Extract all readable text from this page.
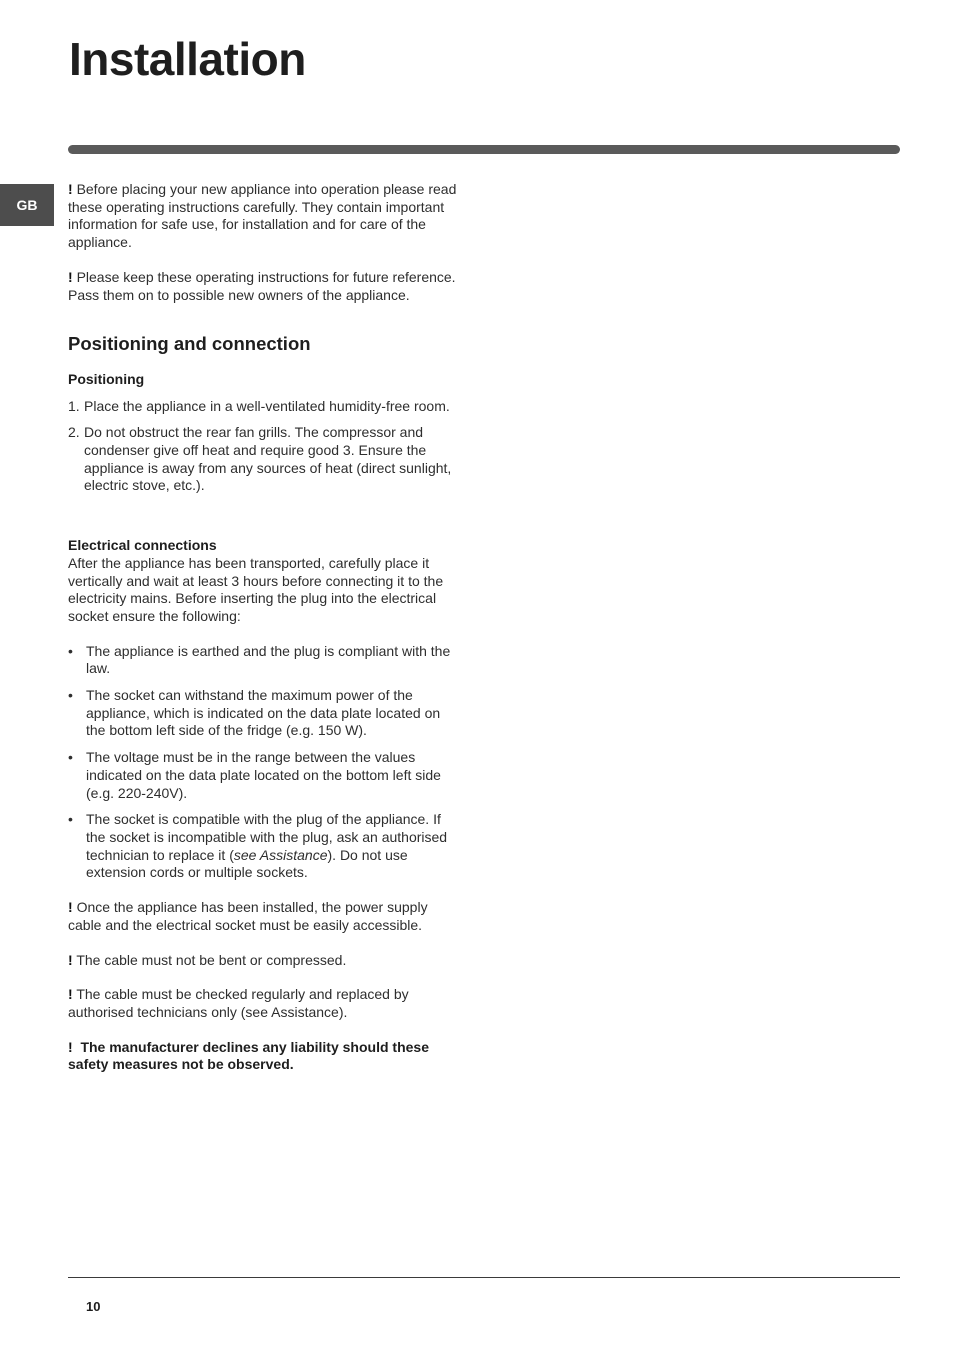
Installation
GB

! Before placing your new appliance into operation please read these operating instructions carefully. They contain important information for safe use, for installation and for care of the appliance.

! Please keep these operating instructions for future reference. Pass them on to possible new owners of the appliance.

Positioning and connection

Positioning

1. Place the appliance in a well-ventilated humidity-free room.
2. Do not obstruct the rear fan grills. The compressor and condenser give off heat and require good 3. Ensure the appliance is away from any sources of heat (direct sunlight, electric stove, etc.).

Electrical connections

After the appliance has been transported, carefully place it vertically and wait at least 3 hours before connecting it to the electricity mains. Before inserting the plug into the electrical socket ensure the following:

• The appliance is earthed and the plug is compliant with the law.
• The socket can withstand the maximum power of the appliance, which is indicated on the data plate located on the bottom left side of the fridge (e.g. 150 W).
• The voltage must be in the range between the values indicated on the data plate located on the bottom left side (e.g. 220-240V).
• The socket is compatible with the plug of the appliance. If the socket is incompatible with the plug, ask an authorised technician to replace it (see Assistance). Do not use extension cords or multiple sockets.

! Once the appliance has been installed, the power supply cable and the electrical socket must be easily accessible.

! The cable must not be bent or compressed.

! The cable must be checked regularly and replaced by authorised technicians only (see Assistance).

! The manufacturer declines any liability should these safety measures not be observed.

10
